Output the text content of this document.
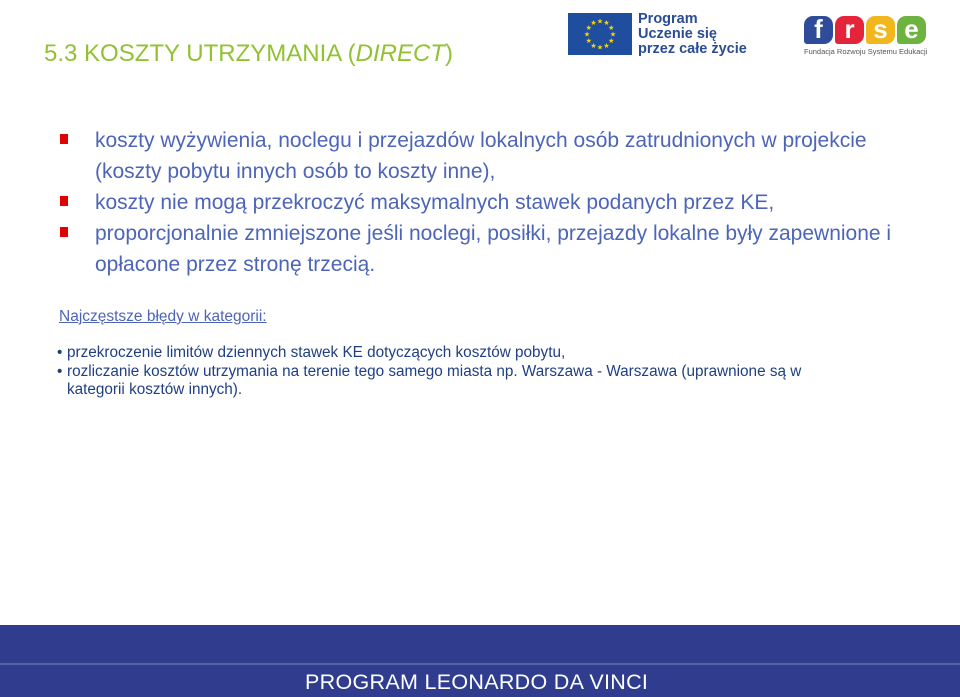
5.3 KOSZTY UTRZYMANIA (DIRECT)
★
★
★
★
★
★
★
★
★ ★ ★
★
Program
Uczenie się
przez całe życie
f r s e
Fundacja Rozwoju Systemu Edukacji
koszty wyżywienia, noclegu i przejazdów lokalnych osób zatrudnionych w projekcie (koszty pobytu innych osób to koszty inne),
koszty nie mogą przekroczyć maksymalnych stawek podanych przez KE,
proporcjonalnie zmniejszone jeśli noclegi, posiłki, przejazdy lokalne były zapewnione i opłacone przez stronę trzecią.
Najczęstsze błędy w kategorii:
• przekroczenie limitów dziennych stawek KE dotyczących kosztów pobytu,
• rozliczanie kosztów utrzymania na terenie tego samego miasta np. Warszawa - Warszawa (uprawnione są w kategorii kosztów innych).

PROGRAM LEONARDO DA VINCI
